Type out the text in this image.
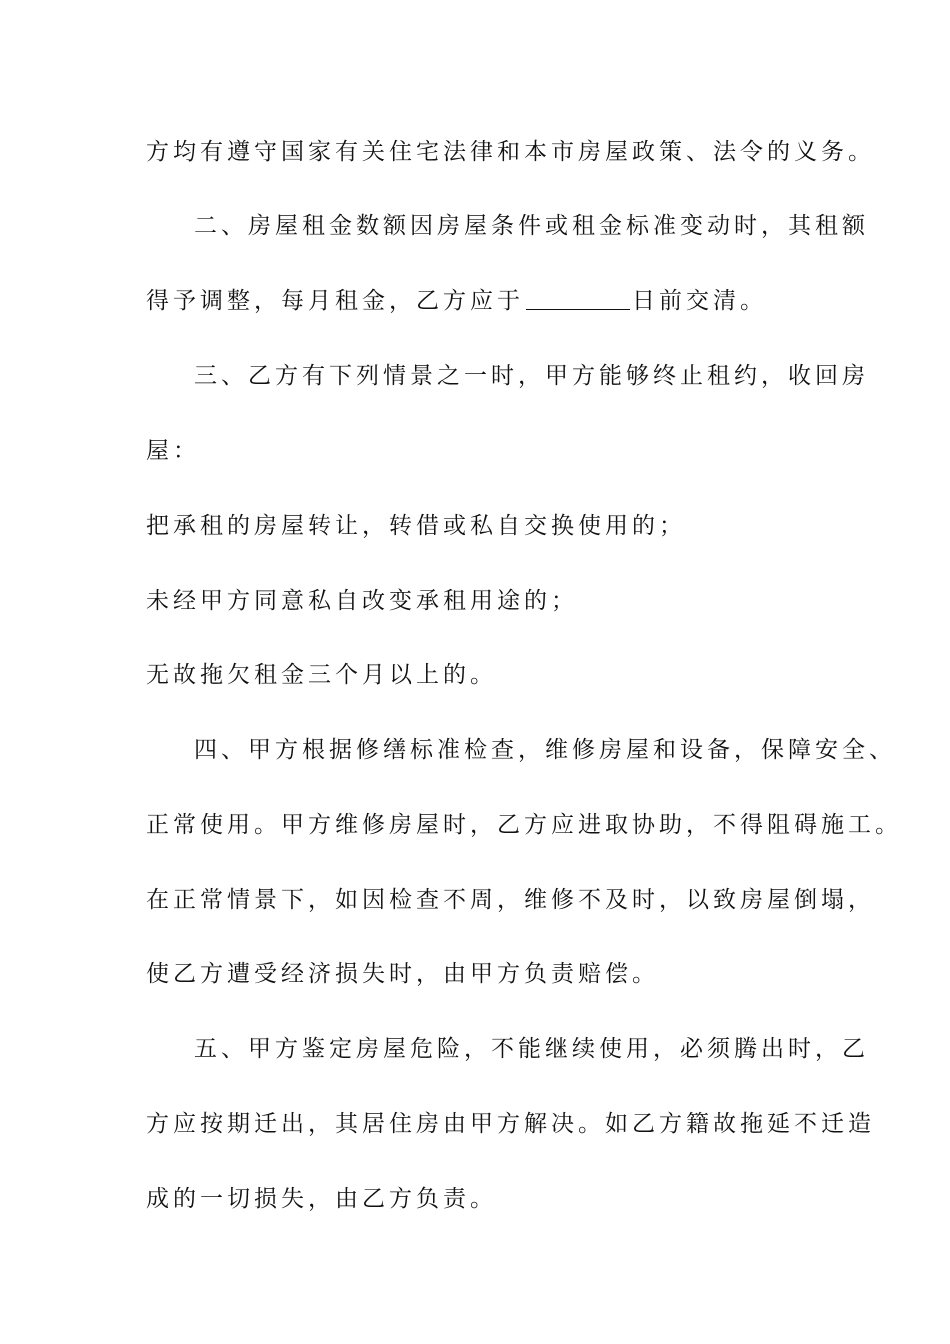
方均有遵守国家有关住宅法律和本市房屋政策、法令的义务。
二、房屋租金数额因房屋条件或租金标准变动时，其租额
得予调整，每月租金，乙方应于	日前交清。
三、乙方有下列情景之一时，甲方能够终止租约，收回房
屋：
把承租的房屋转让，转借或私自交换使用的；
未经甲方同意私自改变承租用途的；
无故拖欠租金三个月以上的。
四、甲方根据修缮标准检查，维修房屋和设备，保障安全、
正常使用。甲方维修房屋时，乙方应进取协助，不得阻碍施工。
在正常情景下，如因检查不周，维修不及时，以致房屋倒塌，
使乙方遭受经济损失时，由甲方负责赔偿。
五、甲方鉴定房屋危险，不能继续使用，必须腾出时，乙
方应按期迁出，其居住房由甲方解决。如乙方籍故拖延不迁造
成的一切损失，由乙方负责。
